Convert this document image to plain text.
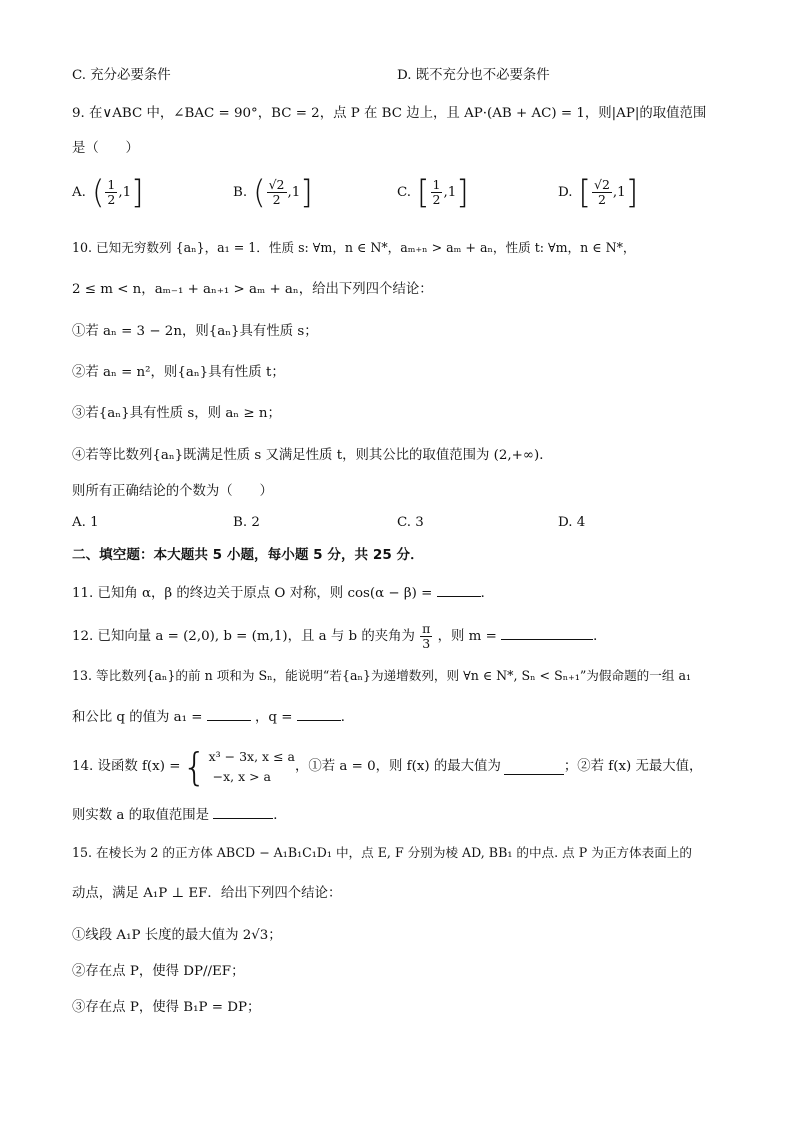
C. 充分必要条件	D. 既不充分也不必要条件
9. 在∨ABC 中，∠BAC = 90°，BC = 2，点 P 在 BC 边上，且 AP·(AB + AC) = 1，则|AP|的取值范围
是（　　）
A. ( $\frac{1}{2} ,1$ ]	B. ( $\frac{√2}{2} ,1$ ]	C. [ $\frac{1}{2} ,1$ ]	D. [ $\frac{√2}{2} ,1$ ]
10. 已知无穷数列 {aₙ}，a₁ = 1．性质 s: ∀m，n ∈ N*，aₘ₊ₙ > aₘ + aₙ，性质 t: ∀m，n ∈ N*，
2 ≤ m < n，aₘ₋₁ + aₙ₊₁ > aₘ + aₙ，给出下列四个结论：
①若 aₙ = 3 − 2n，则{aₙ}具有性质 s；
②若 aₙ = n²，则{aₙ}具有性质 t；
③若{aₙ}具有性质 s，则 aₙ ≥ n；
④若等比数列{aₙ}既满足性质 s 又满足性质 t，则其公比的取值范围为 (2,+∞)．
则所有正确结论的个数为（　　）
A. 1	B. 2	C. 3	D. 4
二、填空题：本大题共 5 小题，每小题 5 分，共 25 分．
11. 已知角 α，β 的终边关于原点 O 对称，则 cos(α − β) =	．
12. 已知向量 a = (2,0), b = (m,1)，且 a 与 b 的夹角为 $\frac{\pi}{3}$ ，则 m =	．
13. 等比数列{aₙ}的前 n 项和为 Sₙ，能说明“若{aₙ}为递增数列，则 ∀n ∈ N*, Sₙ < Sₙ₊₁”为假命题的一组 a₁
和公比 q 的值为 a₁ =	，q =	．
14. 设函数 f(x) = { x³ − 3x, x ≤ a
−x, x > a
，①若 a = 0，则 f(x) 的最大值为	；②若 f(x) 无最大值，
则实数 a 的取值范围是	．
15. 在棱长为 2 的正方体 ABCD − A₁B₁C₁D₁ 中，点 E, F 分别为棱 AD, BB₁ 的中点. 点 P 为正方体表面上的
动点，满足 A₁P ⊥ EF．给出下列四个结论：
①线段 A₁P 长度的最大值为 2√3；
②存在点 P，使得 DP//EF；
③存在点 P，使得 B₁P = DP；
